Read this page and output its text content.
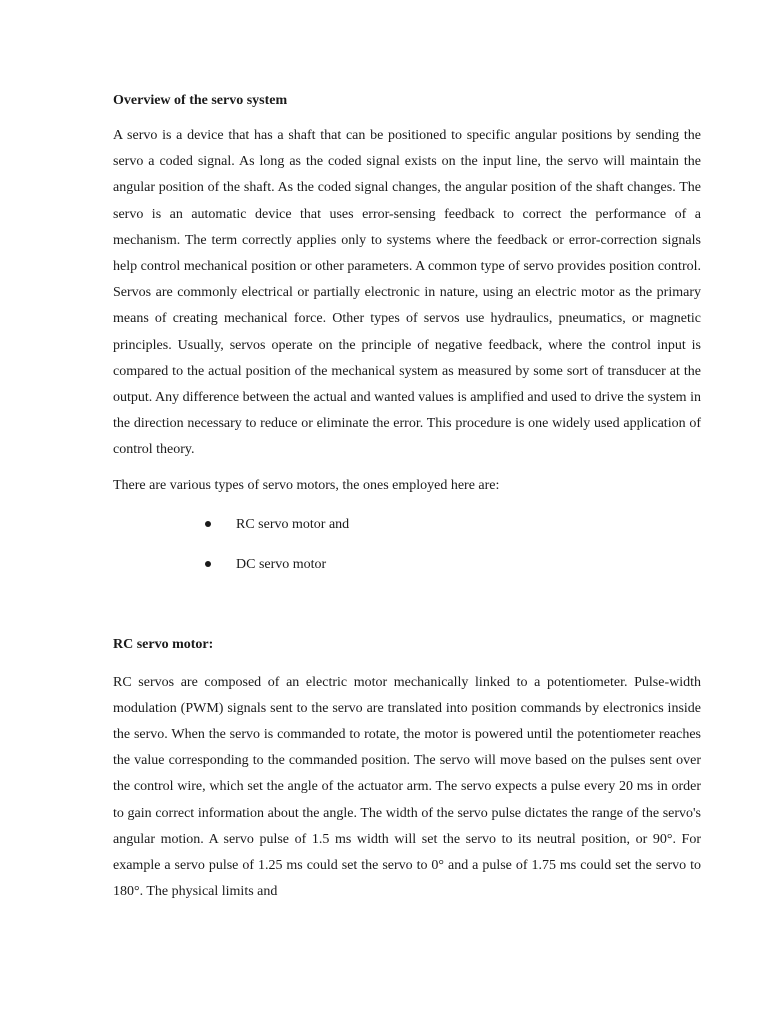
Overview of the servo system

A servo is a device that has a shaft that can be positioned to specific angular positions by sending the servo a coded signal. As long as the coded signal exists on the input line, the servo will maintain the angular position of the shaft. As the coded signal changes, the angular position of the shaft changes. The servo is an automatic device that uses error-sensing feedback to correct the performance of a mechanism. The term correctly applies only to systems where the feedback or error-correction signals help control mechanical position or other parameters. A common type of servo provides position control. Servos are commonly electrical or partially electronic in nature, using an electric motor as the primary means of creating mechanical force. Other types of servos use hydraulics, pneumatics, or magnetic principles. Usually, servos operate on the principle of negative feedback, where the control input is compared to the actual position of the mechanical system as measured by some sort of transducer at the output. Any difference between the actual and wanted values is amplified and used to drive the system in the direction necessary to reduce or eliminate the error. This procedure is one widely used application of control theory.

There are various types of servo motors, the ones employed here are:

RC servo motor and
DC servo motor

RC servo motor:

RC servos are composed of an electric motor mechanically linked to a potentiometer. Pulse-width modulation (PWM) signals sent to the servo are translated into position commands by electronics inside the servo. When the servo is commanded to rotate, the motor is powered until the potentiometer reaches the value corresponding to the commanded position. The servo will move based on the pulses sent over the control wire, which set the angle of the actuator arm. The servo expects a pulse every 20 ms in order to gain correct information about the angle. The width of the servo pulse dictates the range of the servo's angular motion. A servo pulse of 1.5 ms width will set the servo to its neutral position, or 90°. For example a servo pulse of 1.25 ms could set the servo to 0° and a pulse of 1.75 ms could set the servo to 180°. The physical limits and
